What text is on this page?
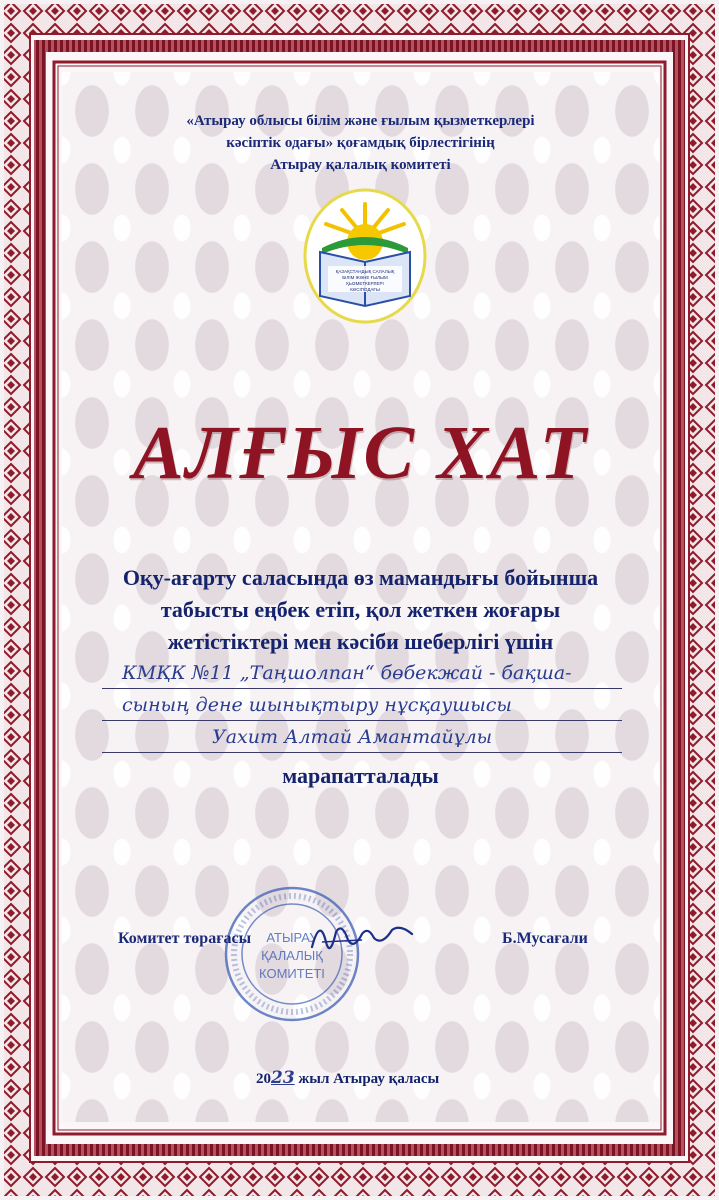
«Атырау облысы білім және ғылым қызметкерлері
кәсіптік одағы» қоғамдық бірлестігінің
Атырау қалалық комитеті
ҚАЗАҚСТАНДЫҚ САЛАЛЫҚ
БІЛІМ ЖӘНЕ ҒЫЛЫМ
ҚЫЗМЕТКЕРЛЕРІ
КӘСІПОДАҒЫ
АЛҒЫС ХАТ
Оқу-ағарту саласында өз мамандығы бойынша
табысты еңбек етіп, қол жеткен жоғары
жетістіктері мен кәсіби шеберлігі үшін
КМҚК №11 „Таңшолпан“ бөбекжай - бақша-
сының дене шынықтыру нұсқаушысы
Уахит Алтай Амантайұлы
марапатталады
АТЫРАУ
ҚАЛАЛЫҚ
КОМИТЕТІ
Комитет төрағасы	Б.Мусағали
2023 жыл Атырау қаласы
